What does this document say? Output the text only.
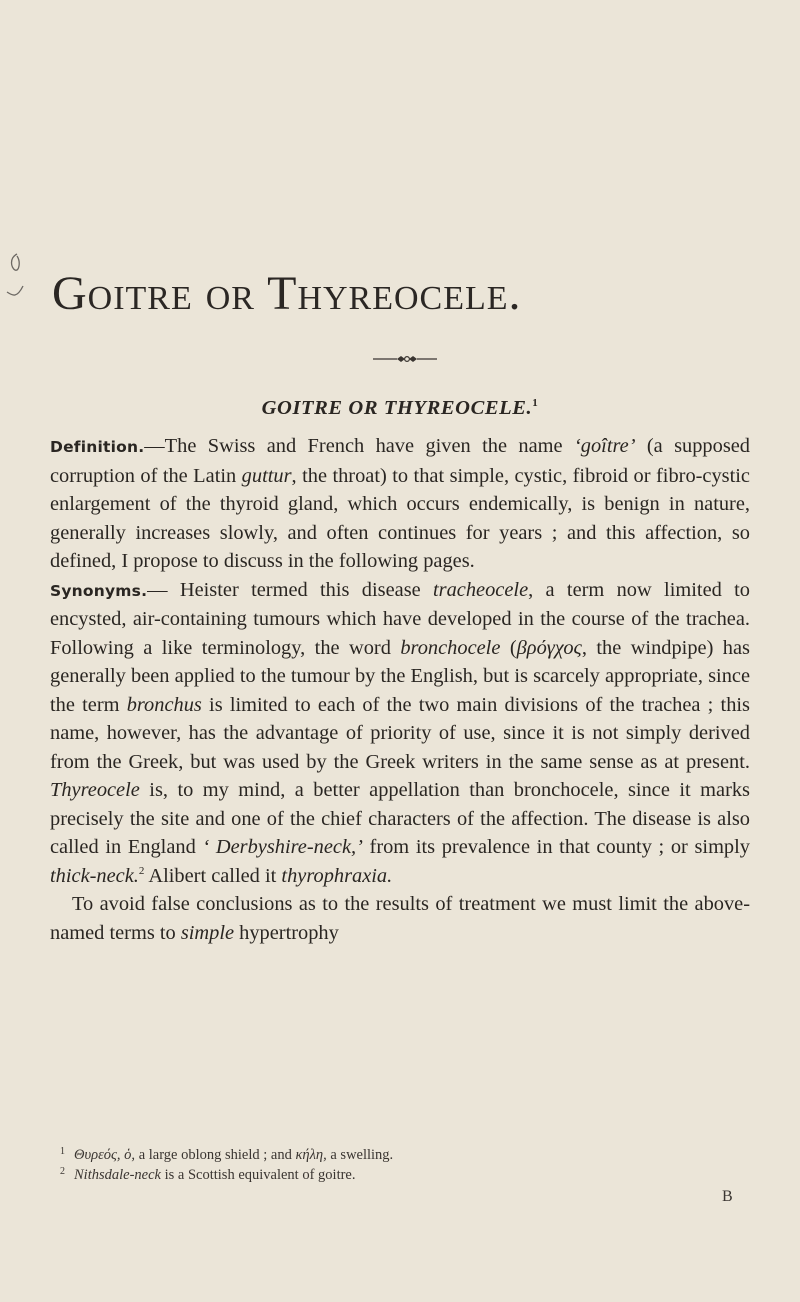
Goitre or Thyreocele.
GOITRE OR THYREOCELE.$^1$

Definition.—The Swiss and French have given the name ‘goître’ (a supposed corruption of the Latin guttur, the throat) to that simple, cystic, fibroid or fibro-cystic enlargement of the thyroid gland, which occurs endemically, is benign in nature, generally increases slowly, and often continues for years ; and this affection, so defined, I propose to discuss in the following pages.

Synonyms.— Heister termed this disease tracheocele, a term now limited to encysted, air-containing tumours which have developed in the course of the trachea. Following a like terminology, the word bronchocele (βρόγχος, the windpipe) has generally been applied to the tumour by the English, but is scarcely appropriate, since the term bronchus is limited to each of the two main divisions of the trachea ; this name, however, has the advantage of priority of use, since it is not simply derived from the Greek, but was used by the Greek writers in the same sense as at present. Thyreocele is, to my mind, a better appellation than bronchocele, since it marks precisely the site and one of the chief characters of the affection. The disease is also called in England ‘ Derbyshire-neck,’ from its prevalence in that county ; or simply thick-neck.$^2$ Alibert called it thyrophraxia.

To avoid false conclusions as to the results of treatment we must limit the above-named terms to simple hypertrophy

1 Θυρεός, ὁ, a large oblong shield ; and κήλη, a swelling.

2 Nithsdale-neck is a Scottish equivalent of goitre.

B
